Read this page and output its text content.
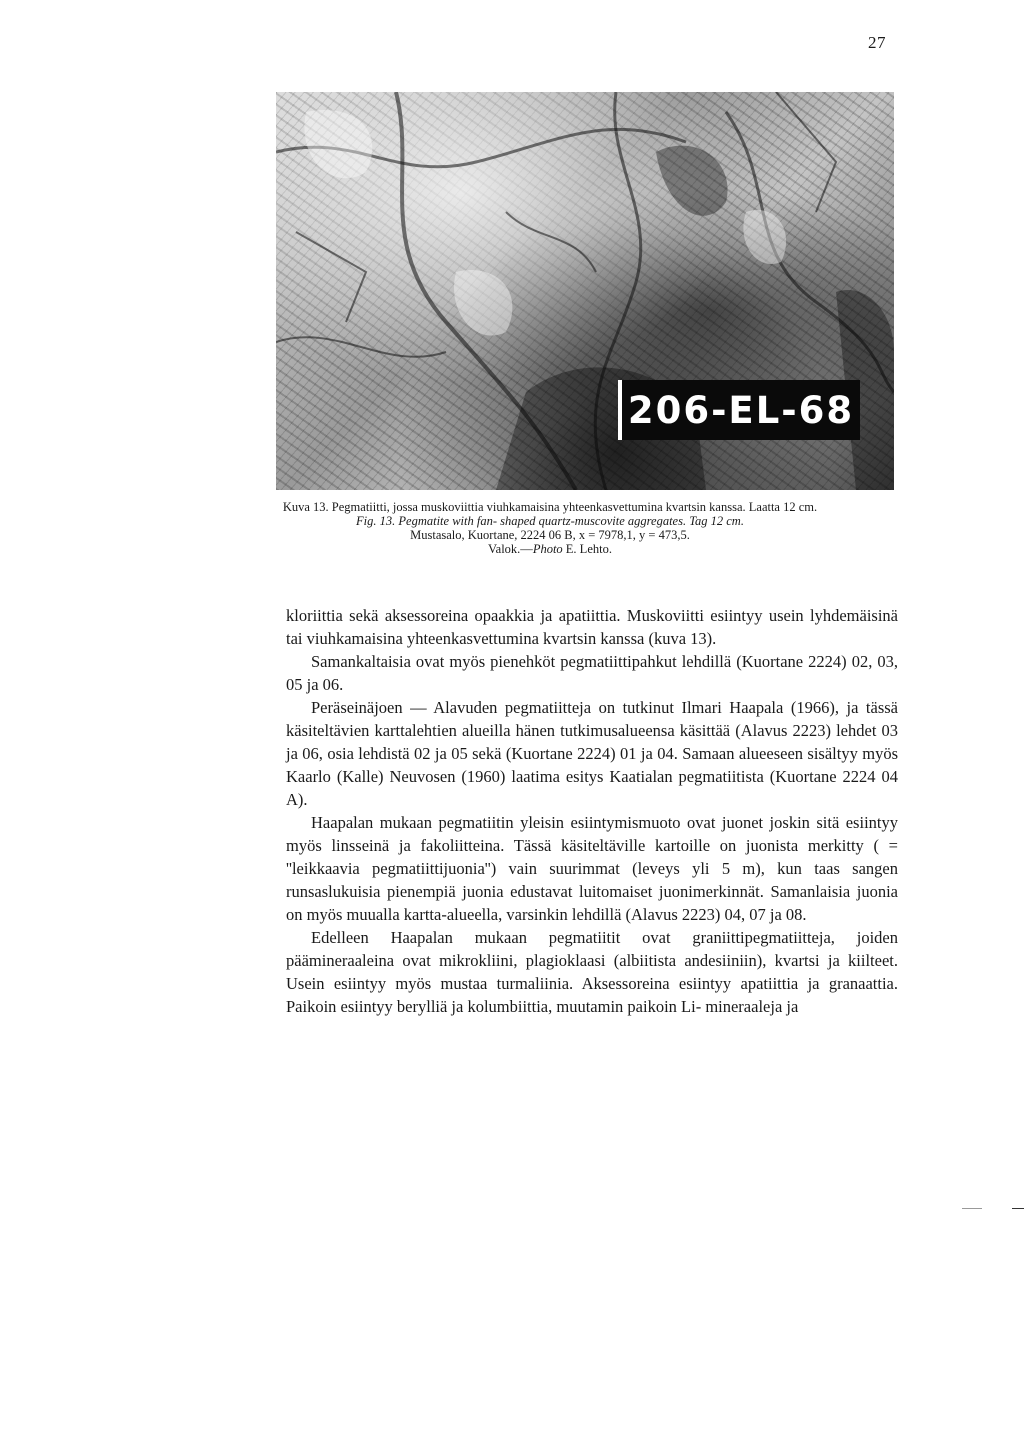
27
206-EL-68
Kuva 13. Pegmatiitti, jossa muskoviittia viuhkamaisina yhteenkasvettumina kvartsin kanssa. Laatta 12 cm.
Fig. 13. Pegmatite with fan- shaped quartz-muscovite aggregates. Tag 12 cm.
Mustasalo, Kuortane, 2224 06 B, x = 7978,1, y = 473,5.
Valok.—Photo E. Lehto.

kloriittia sekä aksessoreina opaakkia ja apatiittia. Muskoviitti esiintyy usein lyhdemäisinä tai viuhkamaisina yhteenkasvettumina kvartsin kanssa (kuva 13).

Samankaltaisia ovat myös pienehköt pegmatiittipahkut lehdillä (Kuortane 2224) 02, 03, 05 ja 06.

Peräseinäjoen — Alavuden pegmatiitteja on tutkinut Ilmari Haapala (1966), ja tässä käsiteltävien karttalehtien alueilla hänen tutkimusalueensa käsittää (Alavus 2223) lehdet 03 ja 06, osia lehdistä 02 ja 05 sekä (Kuortane 2224) 01 ja 04. Samaan alueeseen sisältyy myös Kaarlo (Kalle) Neuvosen (1960) laatima esitys Kaatialan pegmatiitista (Kuortane 2224 04 A).

Haapalan mukaan pegmatiitin yleisin esiintymismuoto ovat juonet joskin sitä esiintyy myös linsseinä ja fakoliitteina. Tässä käsiteltäville kartoille on juonista merkitty ( = ''leikkaavia pegmatiittijuonia'') vain suurimmat (leveys yli 5 m), kun taas sangen runsaslukuisia pienempiä juonia edustavat luitomaiset juonimerkinnät. Samanlaisia juonia on myös muualla kartta-alueella, varsinkin lehdillä (Alavus 2223) 04, 07 ja 08.

Edelleen Haapalan mukaan pegmatiitit ovat graniittipegmatiitteja, joiden päämineraaleina ovat mikrokliini, plagioklaasi (albiitista andesiiniin), kvartsi ja kiilteet. Usein esiintyy myös mustaa turmaliinia. Aksessoreina esiintyy apatiittia ja granaattia. Paikoin esiintyy berylliä ja kolumbiittia, muutamin paikoin Li- mineraaleja ja
